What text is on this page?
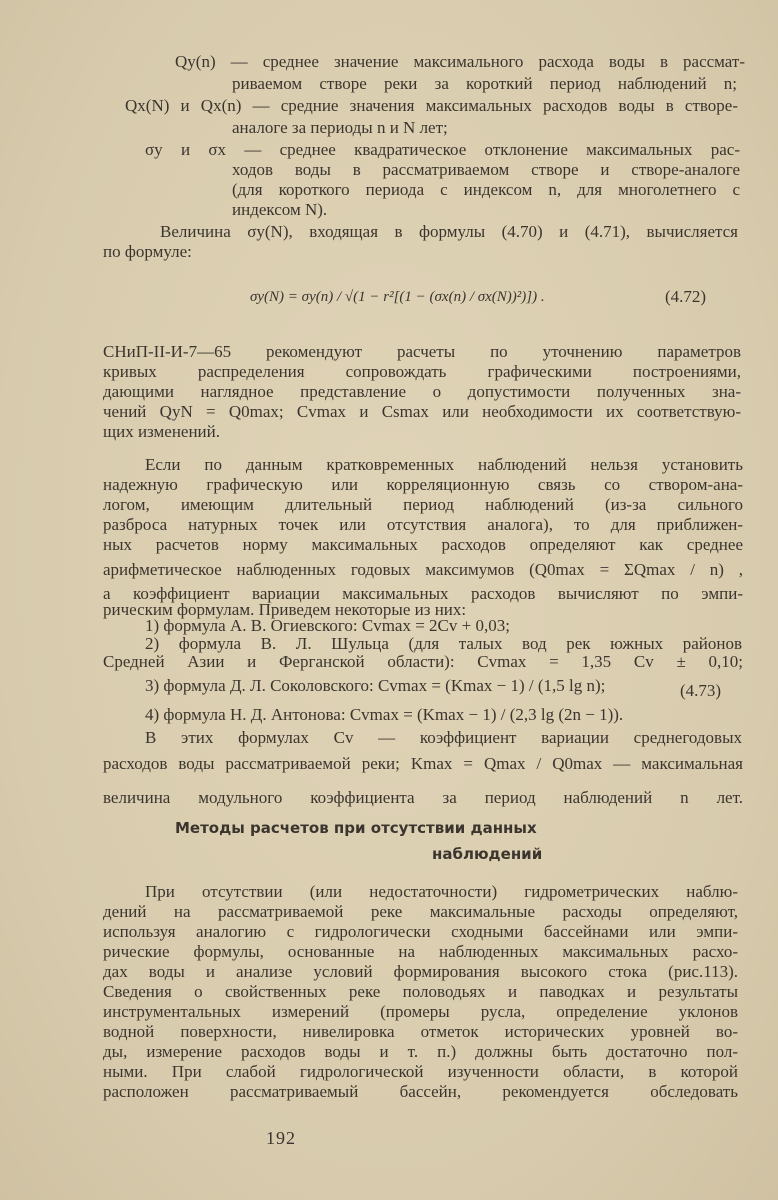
Qy(n) — среднее значение максимального расхода воды в рассмат-
риваемом створе реки за короткий период наблюдений n;
Qx(N) и Qx(n) — средние значения максимальных расходов воды в створе-
аналоге за периоды n и N лет;
σy и σx — среднее квадратическое отклонение максимальных рас-
ходов воды в рассматриваемом створе и створе-аналоге
(для короткого периода с индексом n, для многолетнего с
индексом N).
Величина σy(N), входящая в формулы (4.70) и (4.71), вычисляется
по формуле:
σy(N) = σy(n) / √(1 − r²[(1 − (σx(n) / σx(N))²)]) .
СНиП-II-И-7—65 рекомендуют расчеты по уточнению параметров
кривых распределения сопровождать графическими построениями,
дающими наглядное представление о допустимости полученных зна-
чений QyN = Q0max; Cvmax и Csmax или необходимости их соответствую-
щих изменений.
Если по данным кратковременных наблюдений нельзя установить
надежную графическую или корреляционную связь со створом-ана-
логом, имеющим длительный период наблюдений (из-за сильного
разброса натурных точек или отсутствия аналога), то для приближен-
ных расчетов норму максимальных расходов определяют как среднее
арифметическое наблюденных годовых максимумов (Q0max = ΣQmax / n) ,
а коэффициент вариации максимальных расходов вычисляют по эмпи-
рическим формулам. Приведем некоторые из них:
1) формула А. В. Огиевского: Cvmax = 2Cv + 0,03;
2) формула В. Л. Шульца (для талых вод рек южных районов
Средней Азии и Ферганской области): Cvmax = 1,35 Cv ± 0,10;
3) формула Д. Л. Соколовского: Cvmax = (Kmax − 1) / (1,5 lg n);
4) формула Н. Д. Антонова: Cvmax = (Kmax − 1) / (2,3 lg (2n − 1)).
В этих формулах Cv — коэффициент вариации среднегодовых
расходов воды рассматриваемой реки; Kmax = Qmax / Q0max — максимальная
величина модульного коэффициента за период наблюдений n лет.
При отсутствии (или недостаточности) гидрометрических наблю-
дений на рассматриваемой реке максимальные расходы определяют,
используя аналогию с гидрологически сходными бассейнами или эмпи-
рические формулы, основанные на наблюденных максимальных расхо-
дах воды и анализе условий формирования высокого стока (рис.113).
Сведения о свойственных реке половодьях и паводках и результаты
инструментальных измерений (промеры русла, определение уклонов
водной поверхности, нивелировка отметок исторических уровней во-
ды, измерение расходов воды и т. п.) должны быть достаточно пол-
ными. При слабой гидрологической изученности области, в которой
расположен рассматриваемый бассейн, рекомендуется обследовать
Методы расчетов при отсутствии данных
наблюдений
(4.72)
(4.73)
192
